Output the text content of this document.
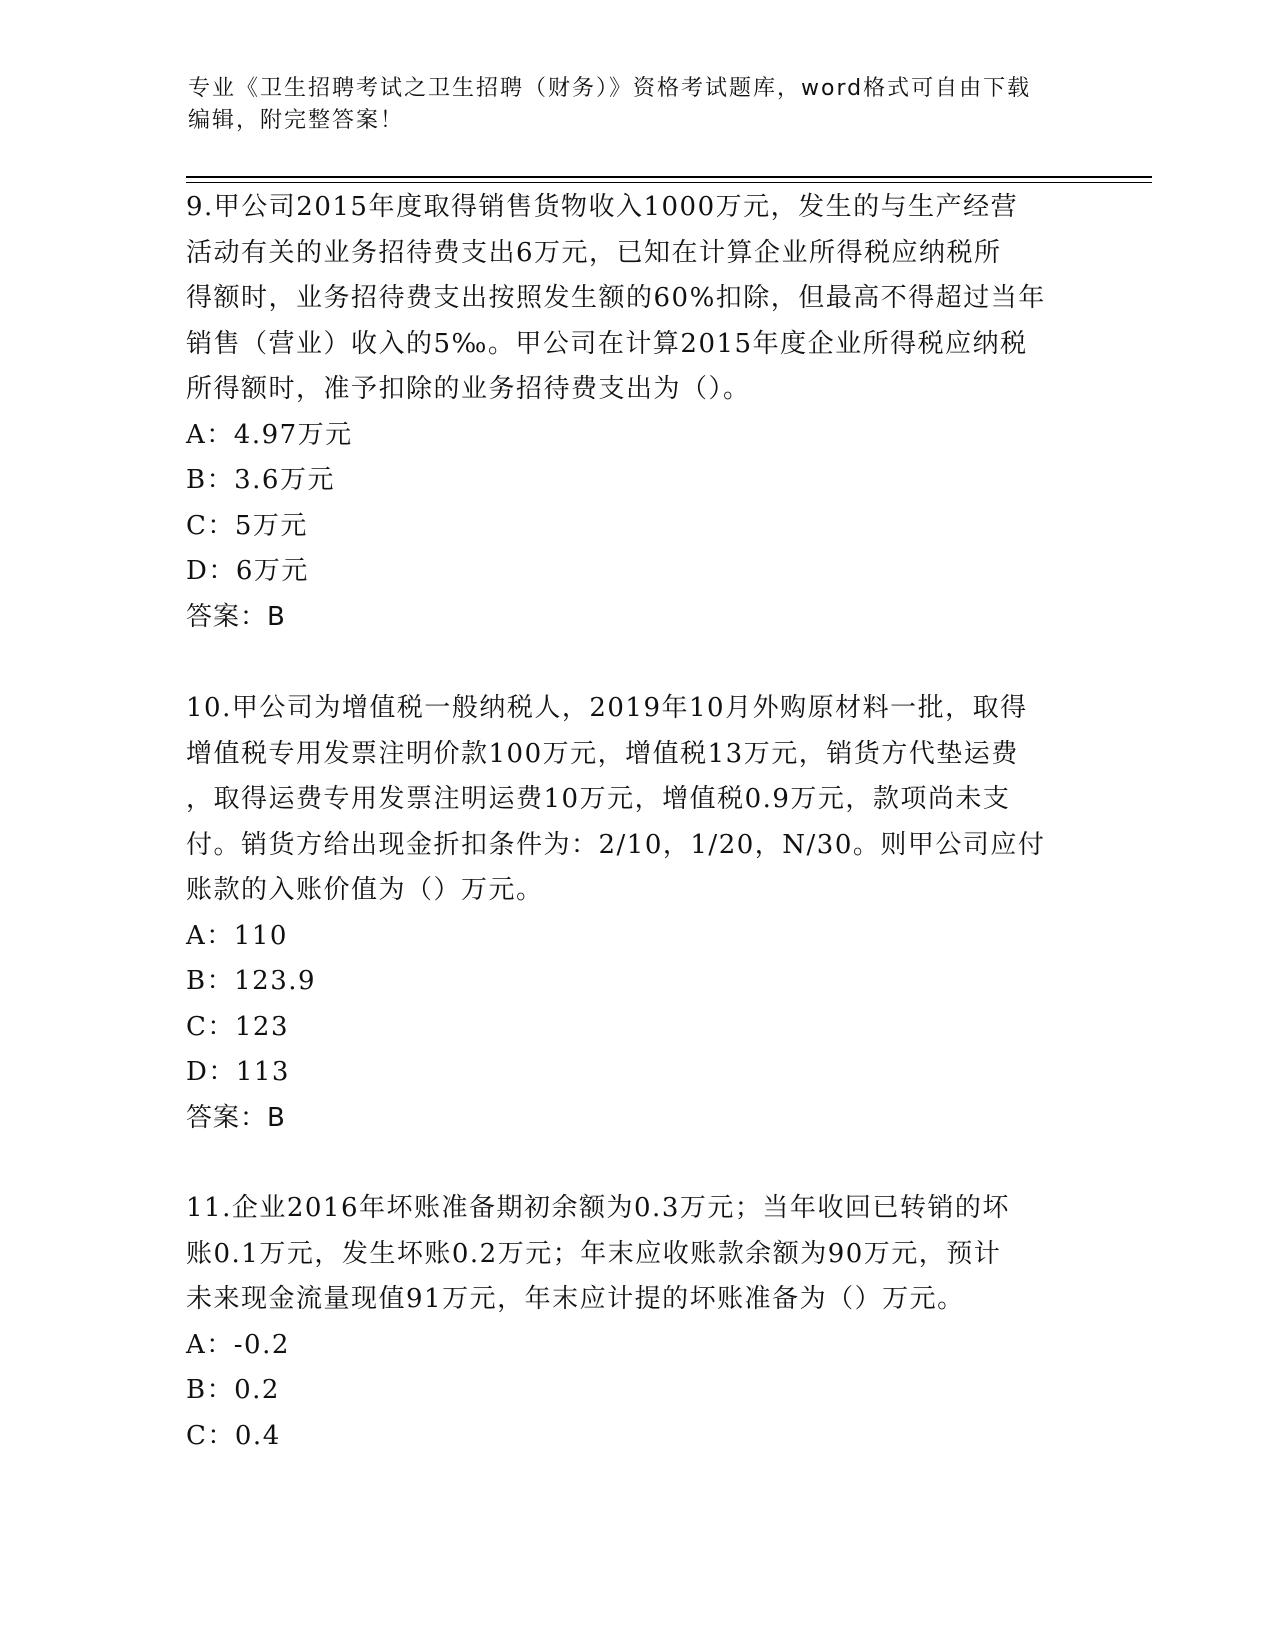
专业《卫生招聘考试之卫生招聘（财务）》资格考试题库，word格式可自由下载
编辑，附完整答案！

9.甲公司2015年度取得销售货物收入1000万元，发生的与生产经营

活动有关的业务招待费支出6万元，已知在计算企业所得税应纳税所

得额时，业务招待费支出按照发生额的60%扣除，但最高不得超过当年

销售（营业）收入的5‰。甲公司在计算2015年度企业所得税应纳税

所得额时，准予扣除的业务招待费支出为（）。

A：4.97万元

B：3.6万元

C：5万元

D：6万元

答案：B

10.甲公司为增值税一般纳税人，2019年10月外购原材料一批，取得

增值税专用发票注明价款100万元，增值税13万元，销货方代垫运费

，取得运费专用发票注明运费10万元，增值税0.9万元，款项尚未支

付。销货方给出现金折扣条件为：2/10，1/20，N/30。则甲公司应付

账款的入账价值为（）万元。

A：110

B：123.9

C：123

D：113

答案：B

11.企业2016年坏账准备期初余额为0.3万元；当年收回已转销的坏

账0.1万元，发生坏账0.2万元；年末应收账款余额为90万元，预计

未来现金流量现值91万元，年末应计提的坏账准备为（）万元。

A：-0.2

B：0.2

C：0.4
